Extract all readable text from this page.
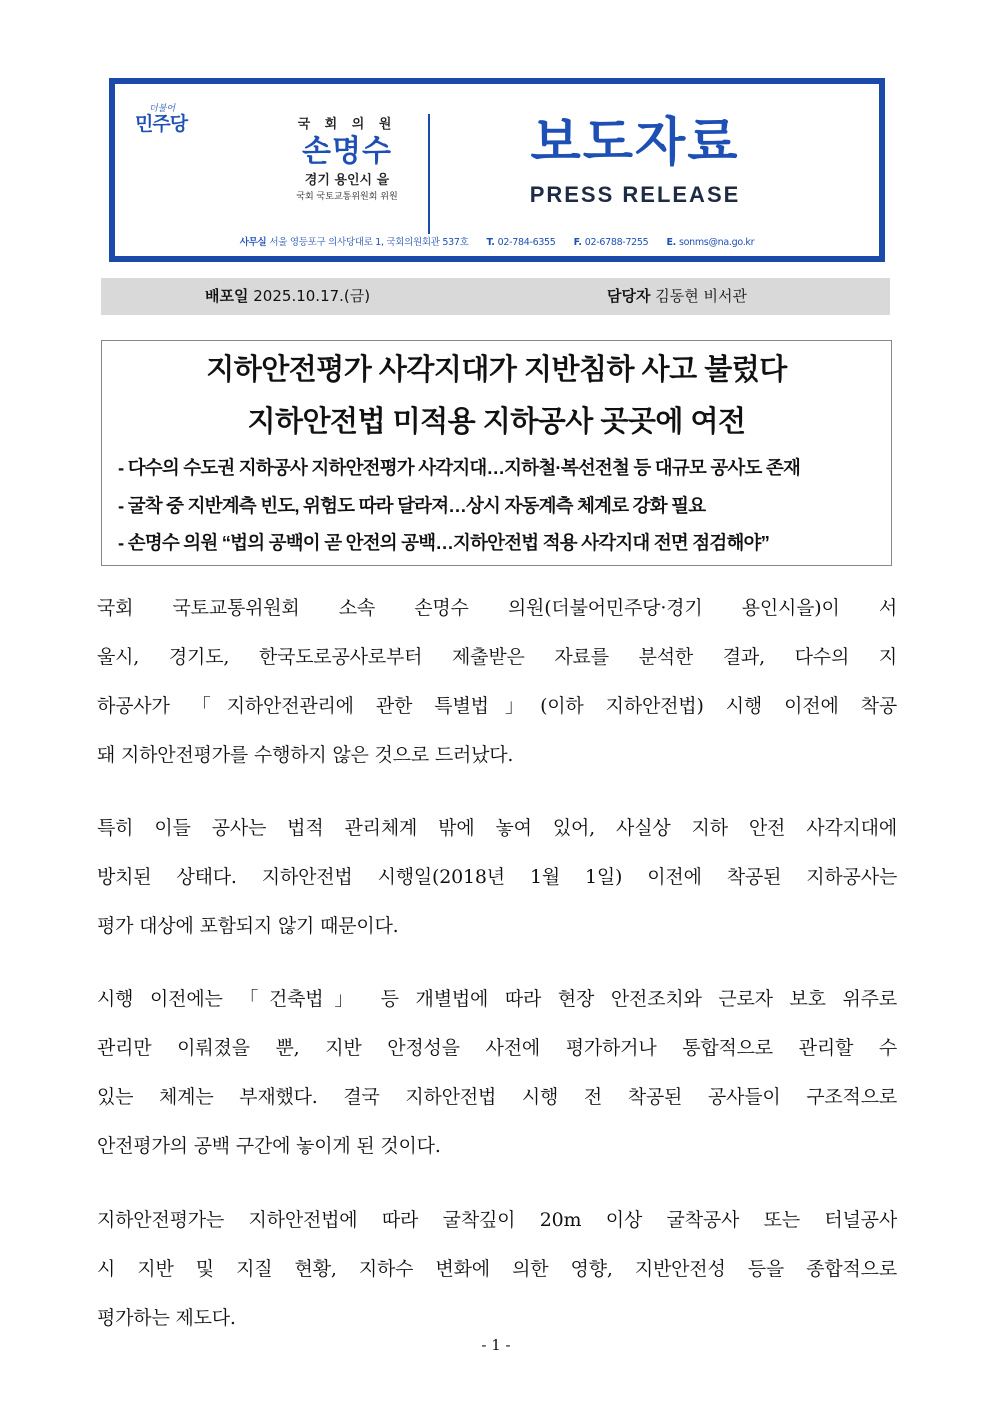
더불어
민주당	국 회 의 원
손명수
경기 용인시 을
국회 국토교통위원회 위원
보도자료
PRESS RELEASE
사무실 서울 영등포구 의사당대로 1, 국회의원회관 537호 T. 02-784-6355 F. 02-6788-7255 E. sonms@na.go.kr
배포일 2025.10.17.(금)	담당자 김동현 비서관
지하안전평가 사각지대가 지반침하 사고 불렀다
지하안전법 미적용 지하공사 곳곳에 여전
- 다수의 수도권 지하공사 지하안전평가 사각지대…지하철·복선전철 등 대규모 공사도 존재
- 굴착 중 지반계측 빈도, 위험도 따라 달라져…상시 자동계측 체계로 강화 필요
- 손명수 의원 “법의 공백이 곧 안전의 공백…지하안전법 적용 사각지대 전면 점검해야”
국회 국토교통위원회 소속 손명수 의원(더불어민주당·경기 용인시을)이 서
울시, 경기도, 한국도로공사로부터 제출받은 자료를 분석한 결과, 다수의 지
하공사가 「지하안전관리에 관한 특별법」(이하 지하안전법) 시행 이전에 착공
돼 지하안전평가를 수행하지 않은 것으로 드러났다.
특히 이들 공사는 법적 관리체계 밖에 놓여 있어, 사실상 지하 안전 사각지대에
방치된 상태다. 지하안전법 시행일(2018년 1월 1일) 이전에 착공된 지하공사는
평가 대상에 포함되지 않기 때문이다.
시행 이전에는 「건축법」 등 개별법에 따라 현장 안전조치와 근로자 보호 위주로
관리만 이뤄졌을 뿐, 지반 안정성을 사전에 평가하거나 통합적으로 관리할 수
있는 체계는 부재했다. 결국 지하안전법 시행 전 착공된 공사들이 구조적으로
안전평가의 공백 구간에 놓이게 된 것이다.
지하안전평가는 지하안전법에 따라 굴착깊이 20m 이상 굴착공사 또는 터널공사
시 지반 및 지질 현황, 지하수 변화에 의한 영향, 지반안전성 등을 종합적으로
평가하는 제도다.
- 1 -
